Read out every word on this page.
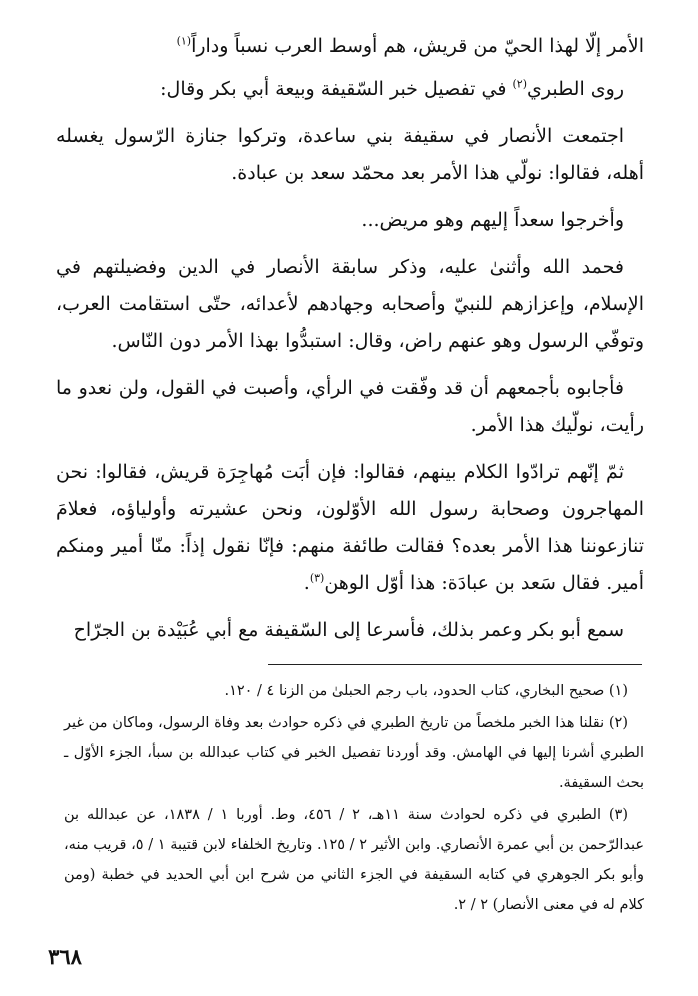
الأمر إلّا لهذا الحيّ من قريش، هم أوسط العرب نسباً وداراً$^{(١)}$

روى الطبري$^{(٢)}$ في تفصيل خبر السّقيفة وبيعة أبي بكر وقال:

اجتمعت الأنصار في سقيفة بني ساعدة، وتركوا جنازة الرّسول يغسله أهله، فقالوا: نولّي هذا الأمر بعد محمّد سعد بن عبادة.

وأخرجوا سعداً إليهم وهو مريض...

فحمد الله وأثنىٰ عليه، وذكر سابقة الأنصار في الدين وفضيلتهم في الإسلام، وإعزازهم للنبيّ وأصحابه وجهادهم لأعدائه، حتّى استقامت العرب، وتوفّي الرسول وهو عنهم راض، وقال: استبدُّوا بهذا الأمر دون النّاس.

فأجابوه بأجمعهم أن قد وفّقت في الرأي، وأصبت في القول، ولن نعدو ما رأيت، نولّيك هذا الأمر.

ثمّ إنّهم ترادّوا الكلام بينهم، فقالوا: فإن أبَت مُهاجِرَة قريش، فقالوا: نحن المهاجرون وصحابة رسول الله الأوّلون، ونحن عشيرته وأولياؤه، فعلامَ تنازعوننا هذا الأمر بعده؟ فقالت طائفة منهم: فإنّا نقول إذاً: منّا أمير ومنكم أمير. فقال سَعد بن عبادَة: هذا أوّل الوهن$^{(٣)}$.

سمع أبو بكر وعمر بذلك، فأسرعا إلى السّقيفة مع أبي عُبَيْدة بن الجرّاح

(١) صحيح البخاري، كتاب الحدود، باب رجم الحبلىٰ من الزنا ٤ / ١٢٠.

(٢) نقلنا هذا الخبر ملخصاً من تاريخ الطبري في ذكره حوادث بعد وفاة الرسول، وماكان من غير الطبري أشرنا إليها في الهامش. وقد أوردنا تفصيل الخبر في كتاب عبدالله بن سبأ، الجزء الأوّل ـ بحث السقيفة.

(٣) الطبري في ذكره لحوادث سنة ١١هـ، ٢ / ٤٥٦، وط. أوربا ١ / ١٨٣٨، عن عبدالله بن عبدالرّحمن بن أبي عمرة الأنصاري. وابن الأثير ٢ / ١٢٥. وتاريخ الخلفاء لابن قتيبة ١ / ٥، قريب منه، وأبو بكر الجوهري في كتابه السقيفة في الجزء الثاني من شرح ابن أبي الحديد في خطبة (ومن كلام له في معنى الأنصار) ٢ / ٢.

٣٦٨
